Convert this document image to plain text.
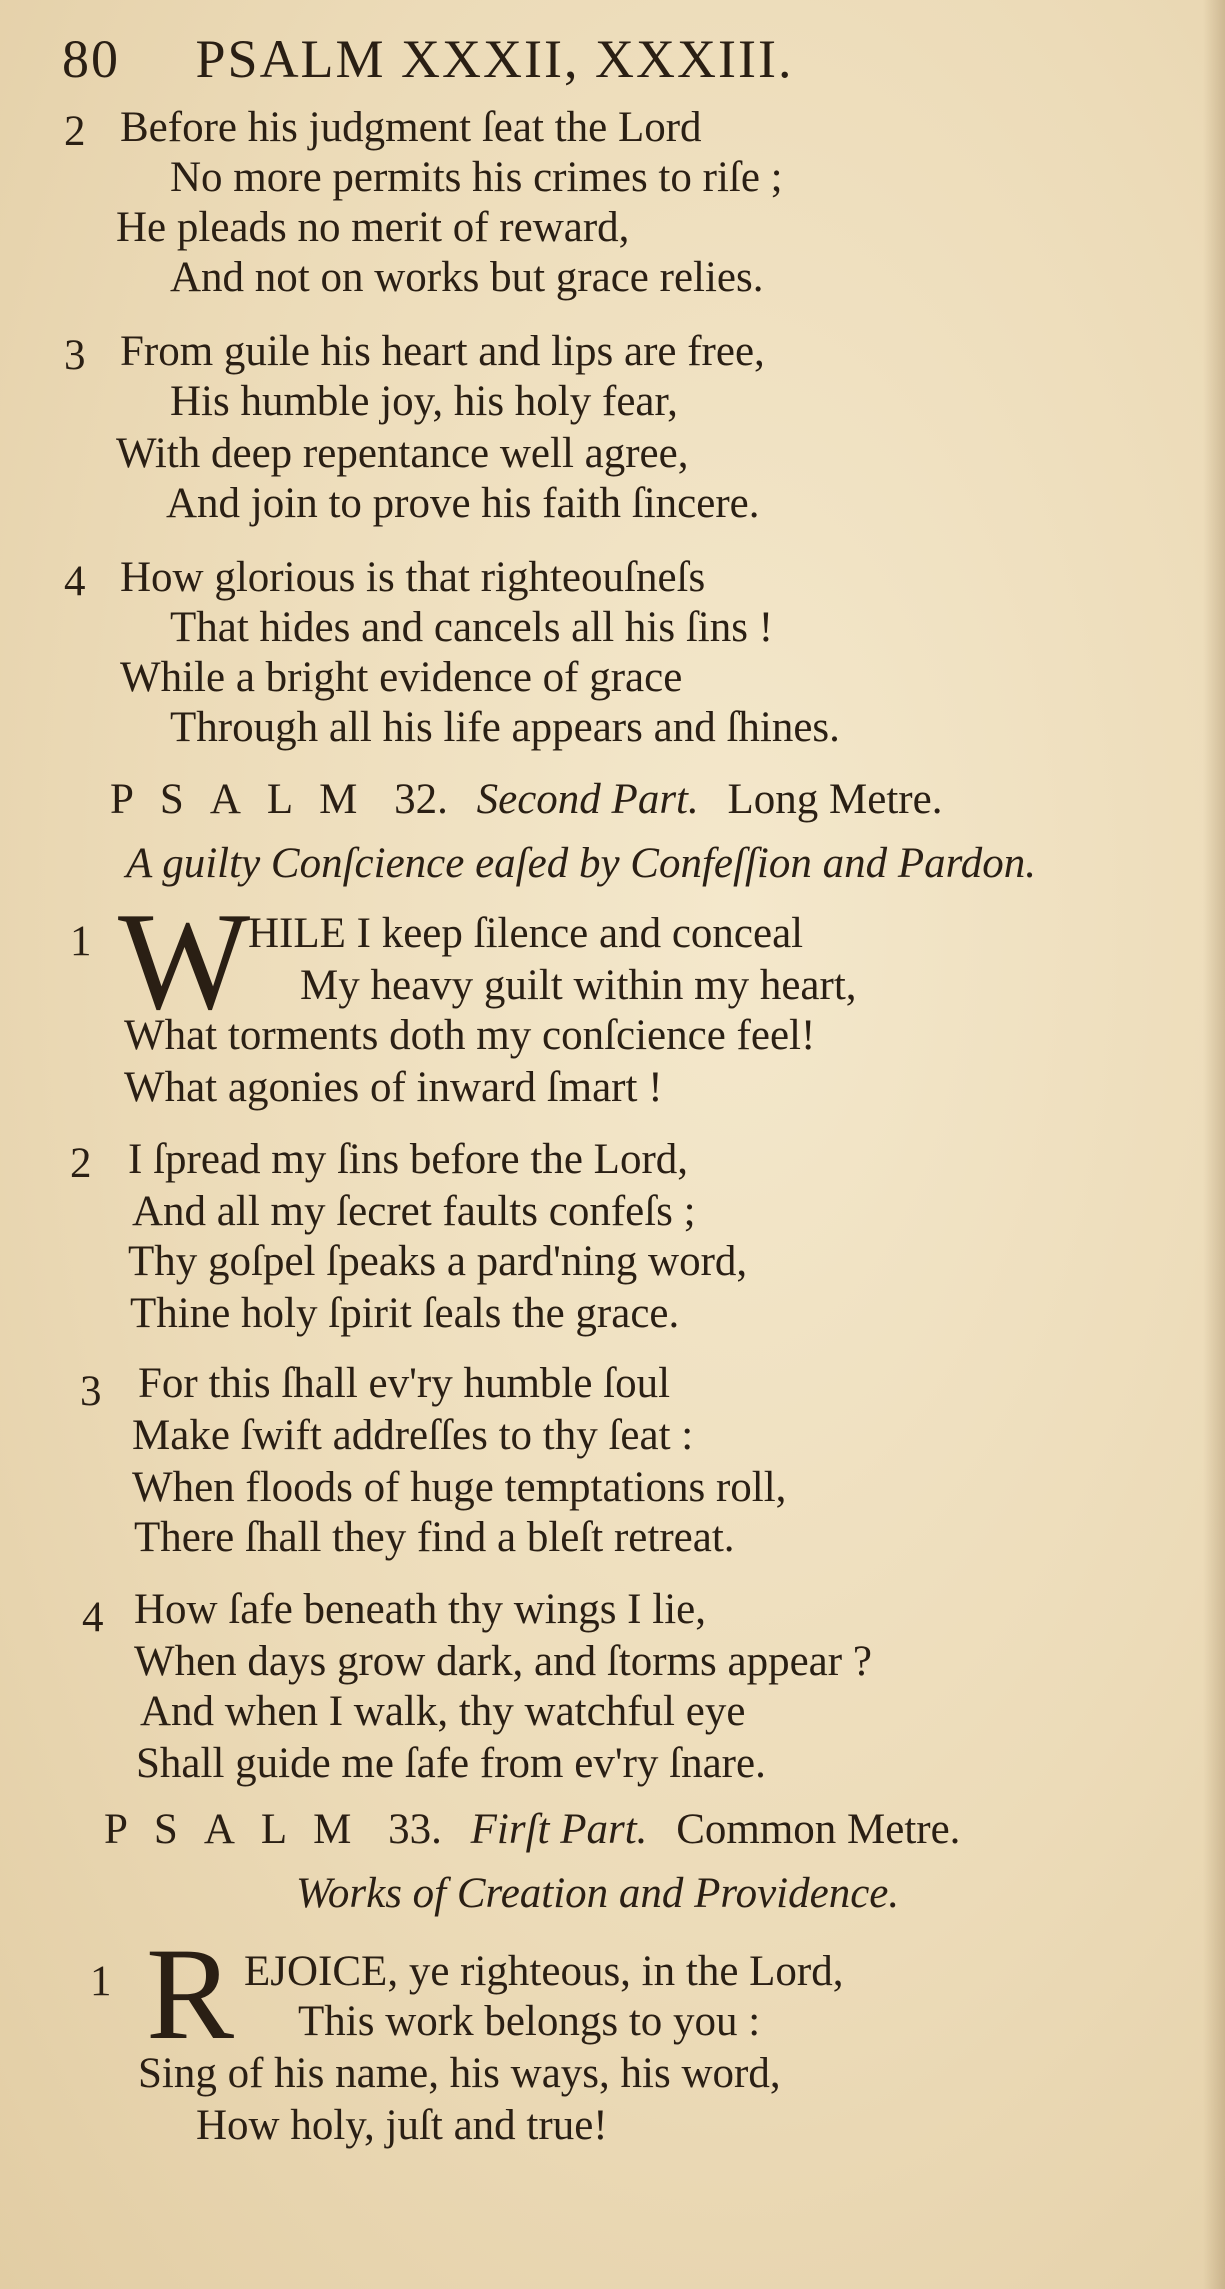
80 PSALM XXXII, XXXIII.
2 Before his judgment ſeat the Lord
No more permits his crimes to riſe ;
He pleads no merit of reward,
And not on works but grace relies.
3 From guile his heart and lips are free,
His humble joy, his holy fear,
With deep repentance well agree,
And join to prove his faith ſincere.
4 How glorious is that righteouſneſs
That hides and cancels all his ſins !
While a bright evidence of grace
Through all his life appears and ſhines.
PSALM 32. Second Part. Long Metre.
A guilty Conſcience eaſed by Confeſſion and Pardon.
1 W
HILE I keep ſilence and conceal
My heavy guilt within my heart,
What torments doth my conſcience feel!
What agonies of inward ſmart !
2 I ſpread my ſins before the Lord,
And all my ſecret faults confeſs ;
Thy goſpel ſpeaks a pard'ning word,
Thine holy ſpirit ſeals the grace.
3 For this ſhall ev'ry humble ſoul
Make ſwift addreſſes to thy ſeat :
When floods of huge temptations roll,
There ſhall they find a bleſt retreat.
4 How ſafe beneath thy wings I lie,
When days grow dark, and ſtorms appear ?
And when I walk, thy watchful eye
Shall guide me ſafe from ev'ry ſnare.
PSALM 33. Firſt Part. Common Metre.
Works of Creation and Providence.
1 R EJOICE, ye righteous, in the Lord,
This work belongs to you :
Sing of his name, his ways, his word,
How holy, juſt and true!
